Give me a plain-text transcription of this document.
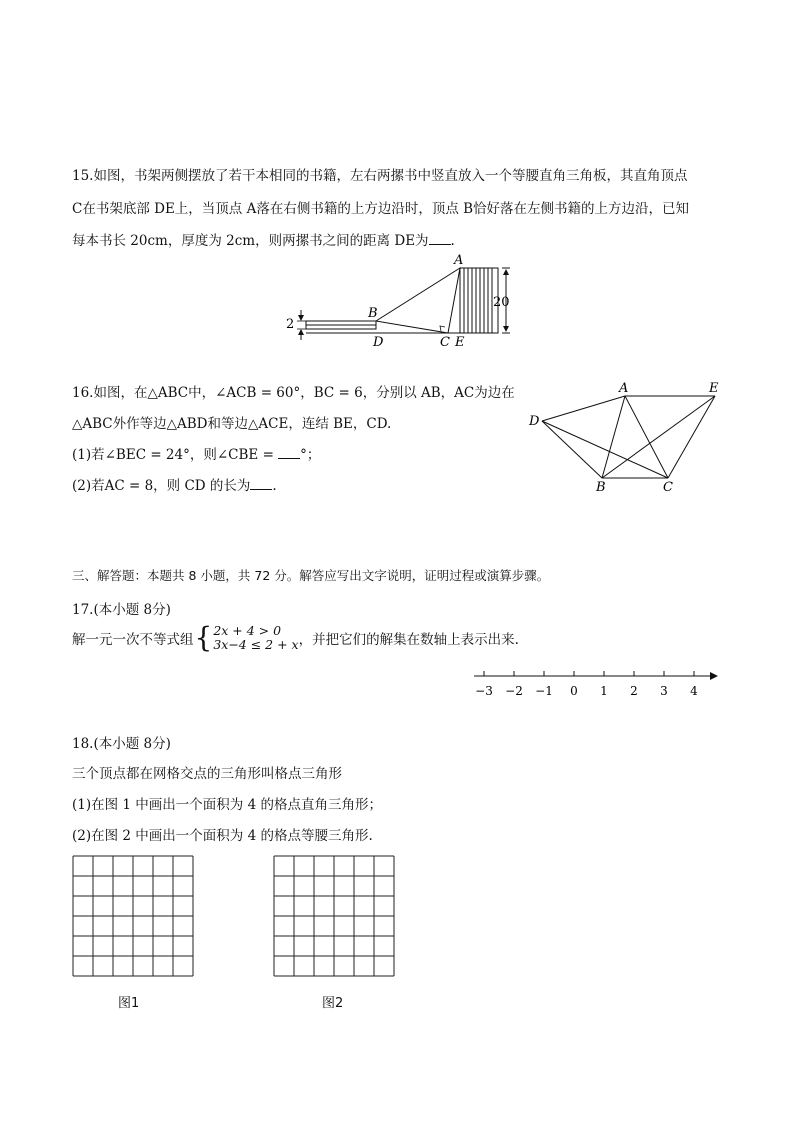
15.如图，书架两侧摆放了若干本相同的书籍，左右两摞书中竖直放入一个等腰直角三角板，其直角顶点
C在书架底部 DE上，当顶点 A落在右侧书籍的上方边沿时，顶点 B恰好落在左侧书籍的上方边沿，已知
每本书长 20cm，厚度为 2cm，则两摞书之间的距离 DE为 .
2
20
A
B
D	C E
16.如图，在△ABC中，∠ACB = 60°，BC = 6，分别以 AB，AC为边在
△ABC外作等边△ABD和等边△ACE，连结 BE，CD.
(1)若∠BEC = 24°，则∠CBE = °；
(2)若AC = 8，则 CD 的长为 .
A	E
D
B	C
三、解答题：本题共 8 小题，共 72 分。解答应写出文字说明，证明过程或演算步骤。
17.(本小题 8分)
解一元一次不等式组 { 2x + 4 > 0
3x−4 ≤ 2 + x ，并把它们的解集在数轴上表示出来.
−3 −2 −1 0 1 2 3 4
18.(本小题 8分)
三个顶点都在网格交点的三角形叫格点三角形
(1)在图 1 中画出一个面积为 4 的格点直角三角形；
(2)在图 2 中画出一个面积为 4 的格点等腰三角形.
图1	图2
